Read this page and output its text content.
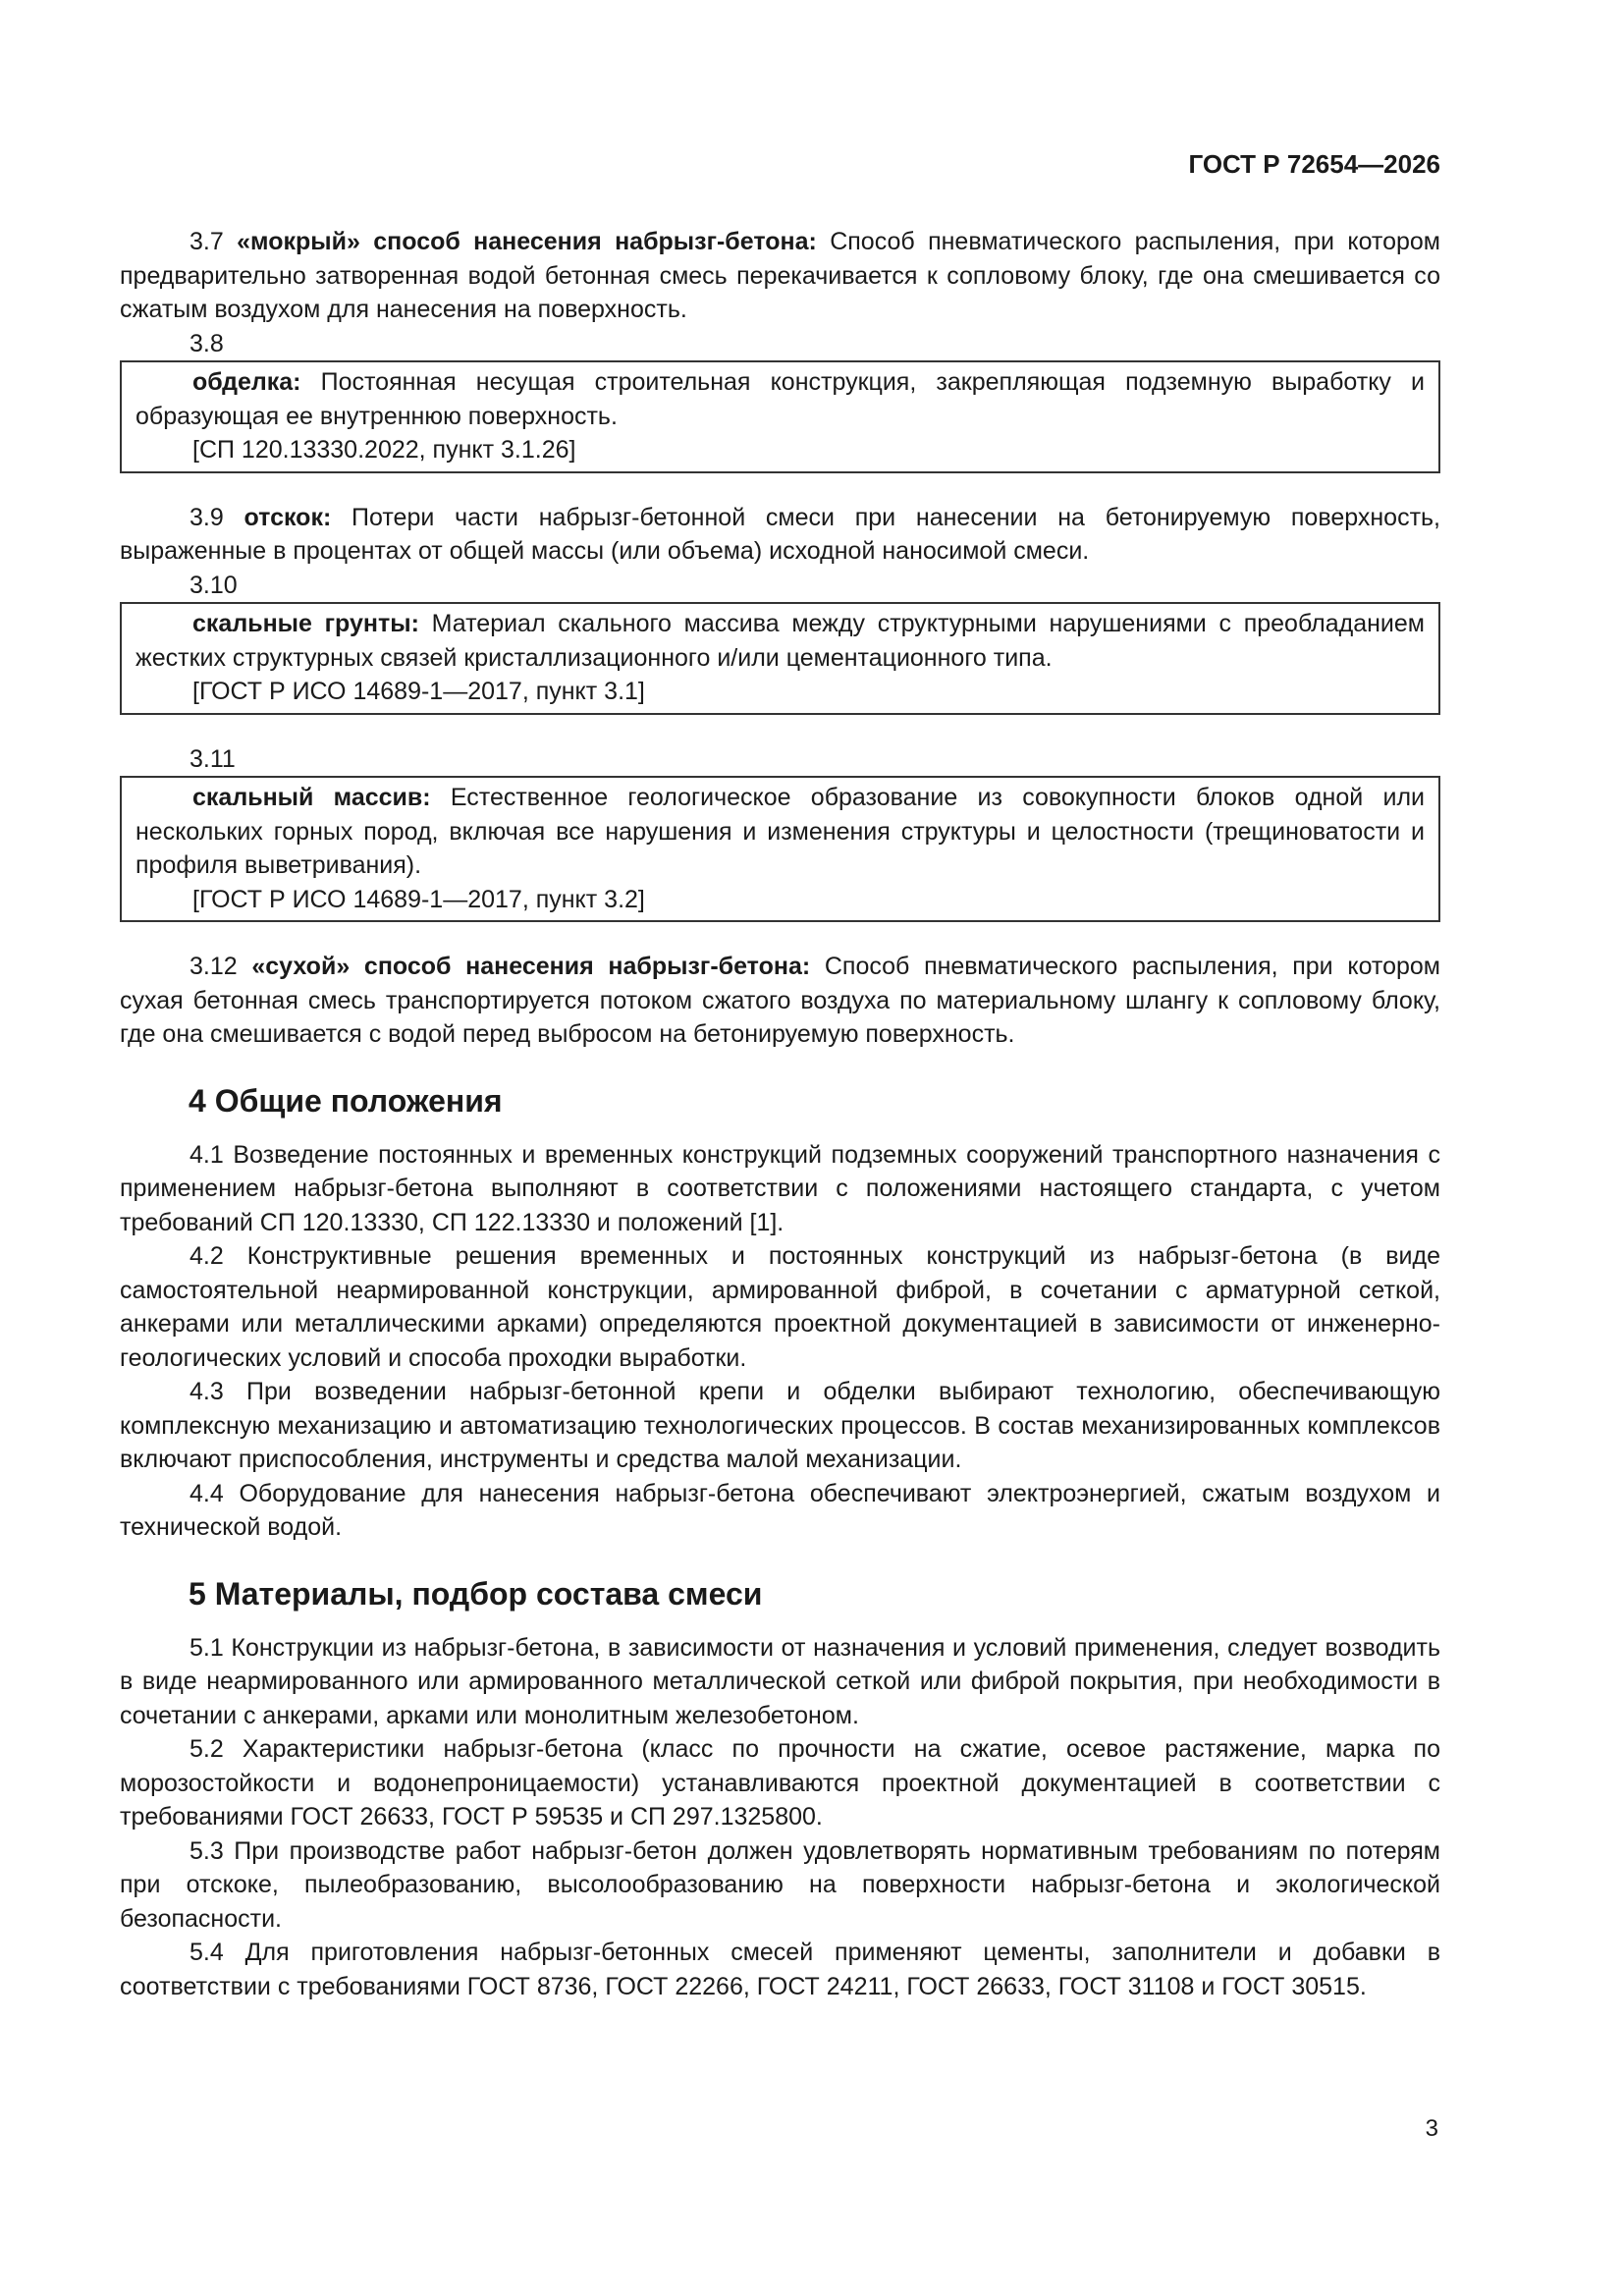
ГОСТ Р 72654—2026

3.7 «мокрый» способ нанесения набрызг-бетона: Способ пневматического распыления, при котором предварительно затворенная водой бетонная смесь перекачивается к сопловому блоку, где она смешивается со сжатым воздухом для нанесения на поверхность.

3.8

обделка: Постоянная несущая строительная конструкция, закрепляющая подземную выработку и образующая ее внутреннюю поверхность.

[СП 120.13330.2022, пункт 3.1.26]

3.9 отскок: Потери части набрызг-бетонной смеси при нанесении на бетонируемую поверхность, выраженные в процентах от общей массы (или объема) исходной наносимой смеси.

3.10

скальные грунты: Материал скального массива между структурными нарушениями с преобладанием жестких структурных связей кристаллизационного и/или цементационного типа.

[ГОСТ Р ИСО 14689-1—2017, пункт 3.1]

3.11

скальный массив: Естественное геологическое образование из совокупности блоков одной или нескольких горных пород, включая все нарушения и изменения структуры и целостности (трещиноватости и профиля выветривания).

[ГОСТ Р ИСО 14689-1—2017, пункт 3.2]

3.12 «сухой» способ нанесения набрызг-бетона: Способ пневматического распыления, при котором сухая бетонная смесь транспортируется потоком сжатого воздуха по материальному шлангу к сопловому блоку, где она смешивается с водой перед выбросом на бетонируемую поверхность.

4 Общие положения

4.1 Возведение постоянных и временных конструкций подземных сооружений транспортного назначения с применением набрызг-бетона выполняют в соответствии с положениями настоящего стандарта, с учетом требований СП 120.13330, СП 122.13330 и положений [1].

4.2 Конструктивные решения временных и постоянных конструкций из набрызг-бетона (в виде самостоятельной неармированной конструкции, армированной фиброй, в сочетании с арматурной сеткой, анкерами или металлическими арками) определяются проектной документацией в зависимости от инженерно-геологических условий и способа проходки выработки.

4.3 При возведении набрызг-бетонной крепи и обделки выбирают технологию, обеспечивающую комплексную механизацию и автоматизацию технологических процессов. В состав механизированных комплексов включают приспособления, инструменты и средства малой механизации.

4.4 Оборудование для нанесения набрызг-бетона обеспечивают электроэнергией, сжатым воздухом и технической водой.

5 Материалы, подбор состава смеси

5.1 Конструкции из набрызг-бетона, в зависимости от назначения и условий применения, следует возводить в виде неармированного или армированного металлической сеткой или фиброй покрытия, при необходимости в сочетании с анкерами, арками или монолитным железобетоном.

5.2 Характеристики набрызг-бетона (класс по прочности на сжатие, осевое растяжение, марка по морозостойкости и водонепроницаемости) устанавливаются проектной документацией в соответствии с требованиями ГОСТ 26633, ГОСТ Р 59535 и СП 297.1325800.

5.3 При производстве работ набрызг-бетон должен удовлетворять нормативным требованиям по потерям при отскоке, пылеобразованию, высолообразованию на поверхности набрызг-бетона и экологической безопасности.

5.4 Для приготовления набрызг-бетонных смесей применяют цементы, заполнители и добавки в соответствии с требованиями ГОСТ 8736, ГОСТ 22266, ГОСТ 24211, ГОСТ 26633, ГОСТ 31108 и ГОСТ 30515.

3
